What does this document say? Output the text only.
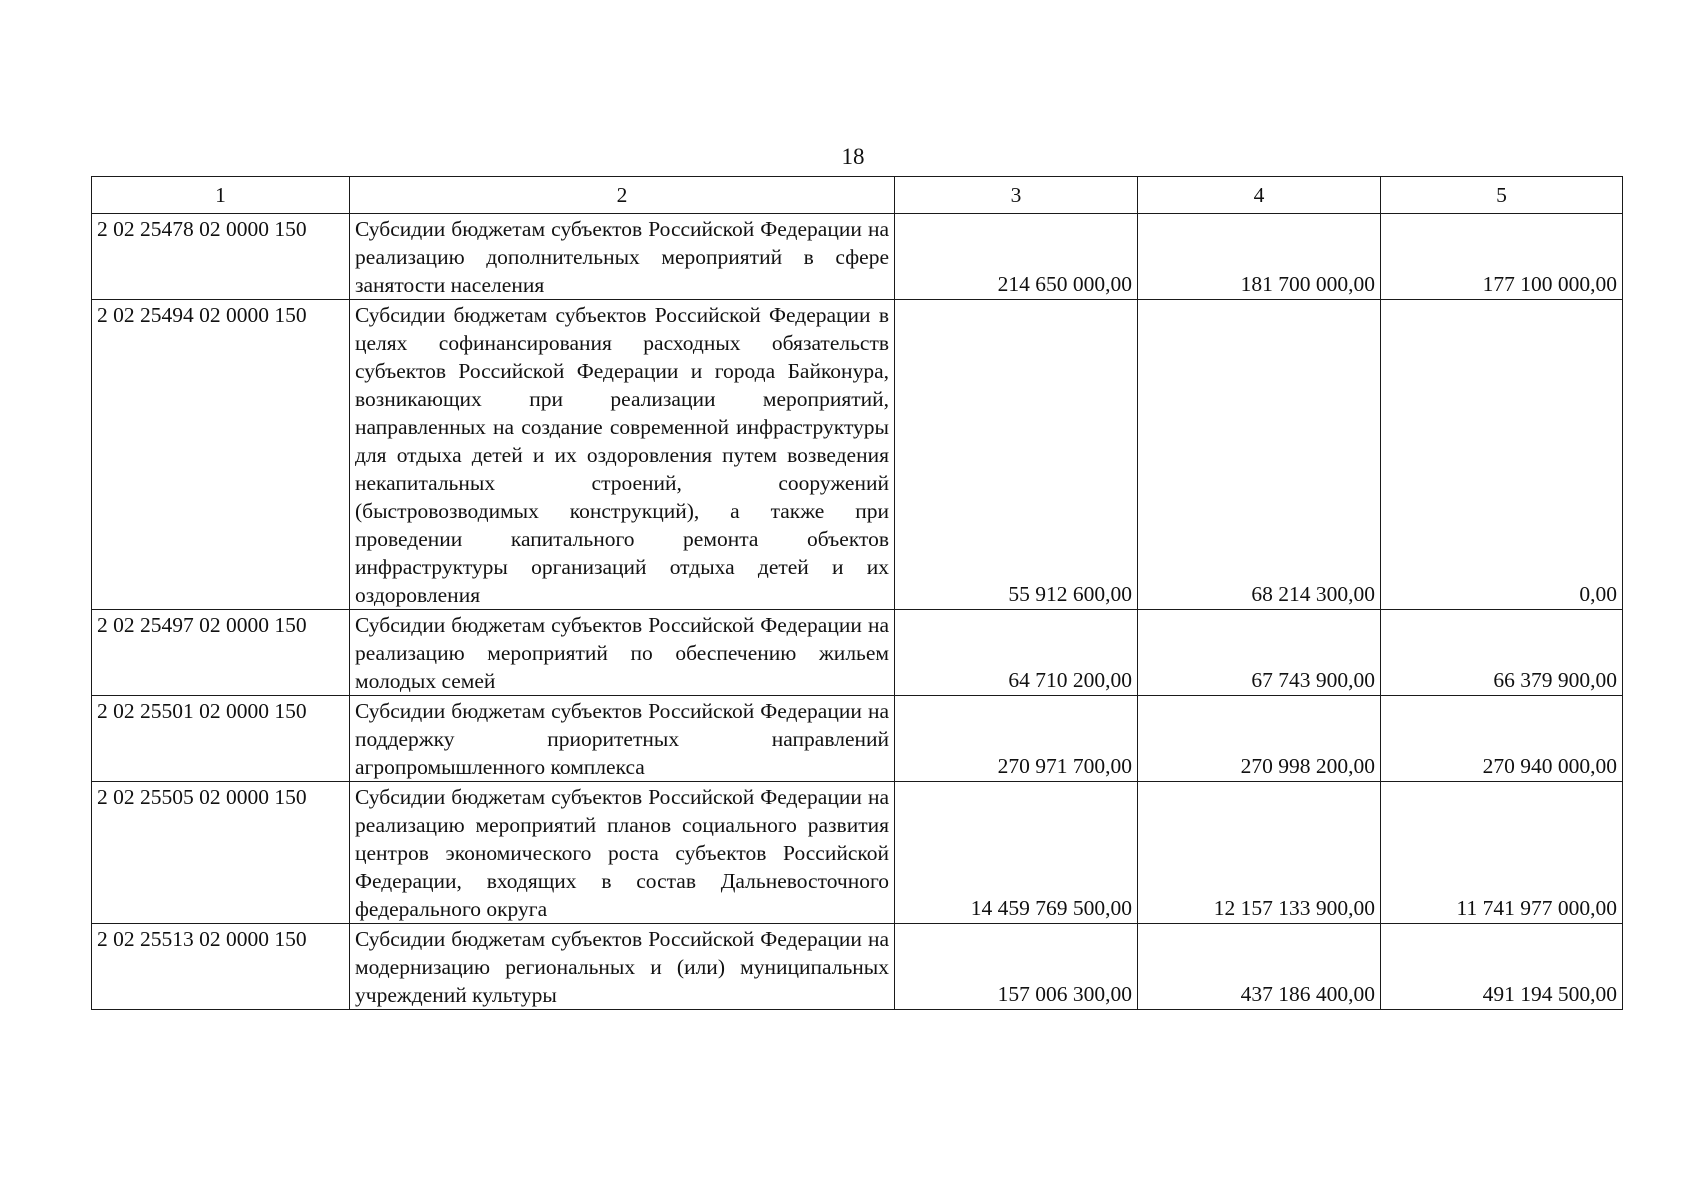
18
1	2	3	4	5
2 02 25478 02 0000 150	Субсидии бюджетам субъектов Российской Федерации на реализацию дополнительных мероприятий в сфере занятости населения	214 650 000,00	181 700 000,00	177 100 000,00
2 02 25494 02 0000 150	Субсидии бюджетам субъектов Российской Федерации в целях софинансирования расходных обязательств субъектов Российской Федерации и города Байконура, возникающих при реализации мероприятий, направленных на создание современной инфраструктуры для отдыха детей и их оздоровления путем возведения некапитальных строений, сооружений (быстровозводимых конструкций), а также при проведении капитального ремонта объектов инфраструктуры организаций отдыха детей и их оздоровления	55 912 600,00	68 214 300,00	0,00
2 02 25497 02 0000 150	Субсидии бюджетам субъектов Российской Федерации на реализацию мероприятий по обеспечению жильем молодых семей	64 710 200,00	67 743 900,00	66 379 900,00
2 02 25501 02 0000 150	Субсидии бюджетам субъектов Российской Федерации на поддержку приоритетных направлений агропромышленного комплекса	270 971 700,00	270 998 200,00	270 940 000,00
2 02 25505 02 0000 150	Субсидии бюджетам субъектов Российской Федерации на реализацию мероприятий планов социального развития центров экономического роста субъектов Российской Федерации, входящих в состав Дальневосточного федерального округа	14 459 769 500,00	12 157 133 900,00	11 741 977 000,00
2 02 25513 02 0000 150	Субсидии бюджетам субъектов Российской Федерации на модернизацию региональных и (или) муниципальных учреждений культуры	157 006 300,00	437 186 400,00	491 194 500,00
